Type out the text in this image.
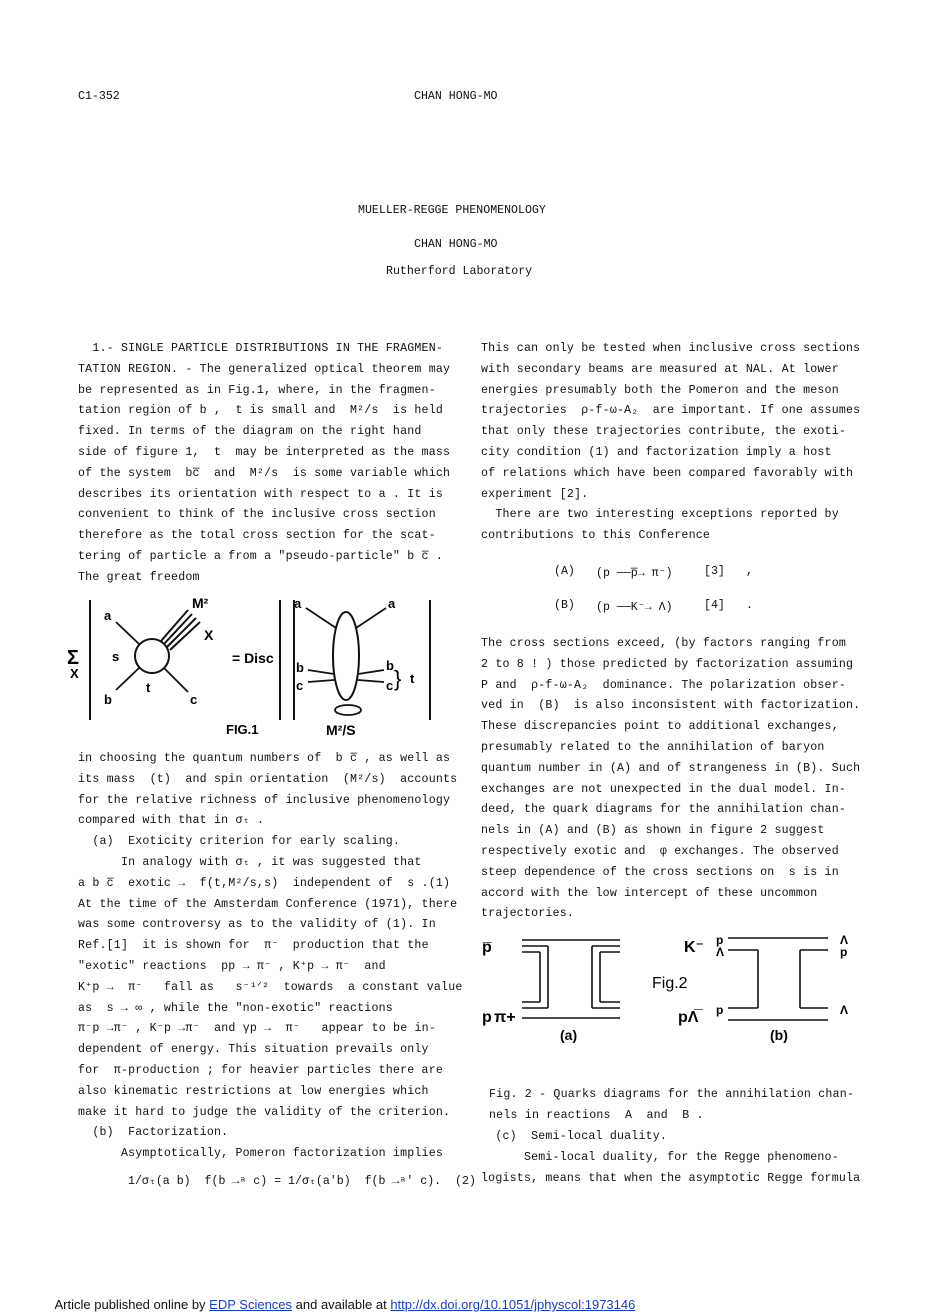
C1-352	CHAN HONG-MO
MUELLER-REGGE PHENOMENOLOGY
CHAN HONG-MO
Rutherford Laboratory
1.- SINGLE PARTICLE DISTRIBUTIONS IN THE FRAGMEN-
TATION REGION. - The generalized optical theorem may
be represented as in Fig.1, where, in the fragmen-
tation region of b ,  t is small and  M²/s  is held
fixed. In terms of the diagram on the right hand
side of figure 1,  t  may be interpreted as the mass
of the system  bc̅  and  M²/s  is some variable which
describes its orientation with respect to a . It is
convenient to think of the inclusive cross section
therefore as the total cross section for the scat-
tering of particle a from a "pseudo-particle" b c̅ .
The great freedom
Σ
X
a
b	c
s
t
M²
X
= Disc
a	a
b
c
b
c } t
M²/S
FIG.1
in choosing the quantum numbers of  b c̅ , as well as
its mass  (t)  and spin orientation  (M²/s)  accounts
for the relative richness of inclusive phenomenology
compared with that in σₜ .
(a)  Exoticity criterion for early scaling.
In analogy with σₜ , it was suggested that
a b c̅  exotic →  f(t,M²/s,s)  independent of  s .(1)
At the time of the Amsterdam Conference (1971), there
was some controversy as to the validity of (1). In
Ref.[1]  it is shown for  π⁻  production that the
"exotic" reactions  pp → π⁻ , K⁺p → π⁻  and
K⁺p →  π⁻   fall as   s⁻¹ᐟ²  towards  a constant value
as  s → ∞ , while the "non-exotic" reactions
π⁻p →π⁻ , K⁻p →π⁻  and γp →  π⁻   appear to be in-
dependent of energy. This situation prevails only
for  π-production ; for heavier particles there are
also kinematic restrictions at low energies which
make it hard to judge the validity of the criterion.
(b)  Factorization.
Asymptotically, Pomeron factorization implies
1/σₜ(a b)  f(b →ᵃ c) = 1/σₜ(a'b)  f(b →ᵃ' c).  (2)
This can only be tested when inclusive cross sections
with secondary beams are measured at NAL. At lower
energies presumably both the Pomeron and the meson
trajectories  ρ-f-ω-A₂  are important. If one assumes
that only these trajectories contribute, the exoti-
city condition (1) and factorization imply a host
of relations which have been compared favorably with
experiment [2].
There are two interesting exceptions reported by
contributions to this Conference
(A) (p ──p̅→ π⁻)	[3] ,
(B) (p ──K⁻→ Λ)	[4] .
The cross sections exceed, (by factors ranging from
2 to 8 ! ) those predicted by factorization assuming
P and  ρ-f-ω-A₂  dominance. The polarization obser-
ved in  (B)  is also inconsistent with factorization.
These discrepancies point to additional exchanges,
presumably related to the annihilation of baryon
quantum number in (A) and of strangeness in (B). Such
exchanges are not unexpected in the dual model. In-
deed, the quark diagrams for the annihilation chan-
nels in (A) and (B) as shown in figure 2 suggest
respectively exotic and  φ exchanges. The observed
steep dependence of the cross sections on  s is in
accord with the low intercept of these uncommon
trajectories.
p̅
p π+
(a)
Fig.2
K⁻ p
Λ
Λ
p
pΛ̅	p	Λ
(b)
Fig. 2 - Quarks diagrams for the annihilation chan-
nels in reactions  A  and  B .
(c)  Semi-local duality.
Semi-local duality, for the Regge phenomeno-
logists, means that when the asymptotic Regge formula

Article published online by EDP Sciences and available at http://dx.doi.org/10.1051/jphyscol:1973146
